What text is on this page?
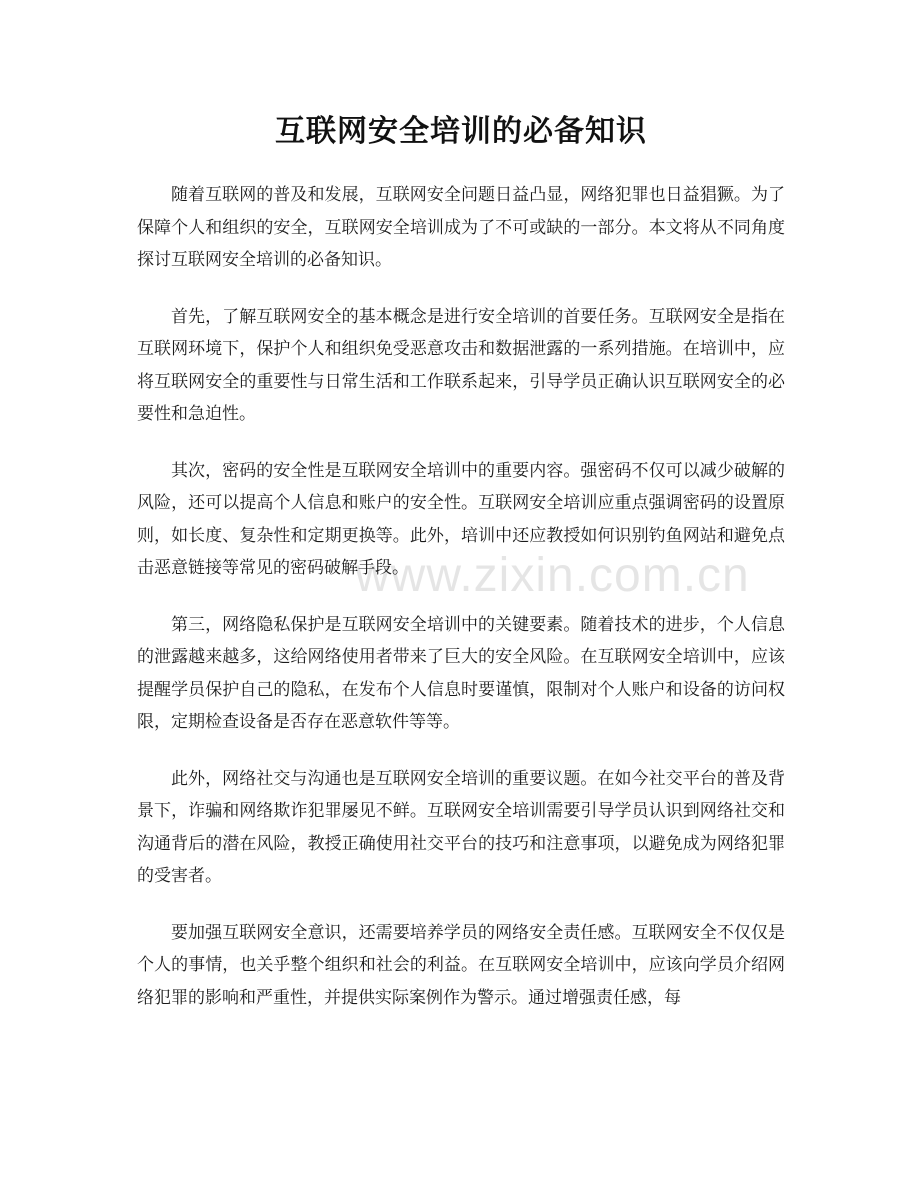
互联网安全培训的必备知识

随着互联网的普及和发展，互联网安全问题日益凸显，网络犯罪也日益猖獗。为了保障个人和组织的安全，互联网安全培训成为了不可或缺的一部分。本文将从不同角度探讨互联网安全培训的必备知识。

首先，了解互联网安全的基本概念是进行安全培训的首要任务。互联网安全是指在互联网环境下，保护个人和组织免受恶意攻击和数据泄露的一系列措施。在培训中，应将互联网安全的重要性与日常生活和工作联系起来，引导学员正确认识互联网安全的必要性和急迫性。

其次，密码的安全性是互联网安全培训中的重要内容。强密码不仅可以减少破解的风险，还可以提高个人信息和账户的安全性。互联网安全培训应重点强调密码的设置原则，如长度、复杂性和定期更换等。此外，培训中还应教授如何识别钓鱼网站和避免点击恶意链接等常见的密码破解手段。

第三，网络隐私保护是互联网安全培训中的关键要素。随着技术的进步，个人信息的泄露越来越多，这给网络使用者带来了巨大的安全风险。在互联网安全培训中，应该提醒学员保护自己的隐私，在发布个人信息时要谨慎，限制对个人账户和设备的访问权限，定期检查设备是否存在恶意软件等等。

此外，网络社交与沟通也是互联网安全培训的重要议题。在如今社交平台的普及背景下，诈骗和网络欺诈犯罪屡见不鲜。互联网安全培训需要引导学员认识到网络社交和沟通背后的潜在风险，教授正确使用社交平台的技巧和注意事项，以避免成为网络犯罪的受害者。

要加强互联网安全意识，还需要培养学员的网络安全责任感。互联网安全不仅仅是个人的事情，也关乎整个组织和社会的利益。在互联网安全培训中，应该向学员介绍网络犯罪的影响和严重性，并提供实际案例作为警示。通过增强责任感，每

www.zixin.com.cn
